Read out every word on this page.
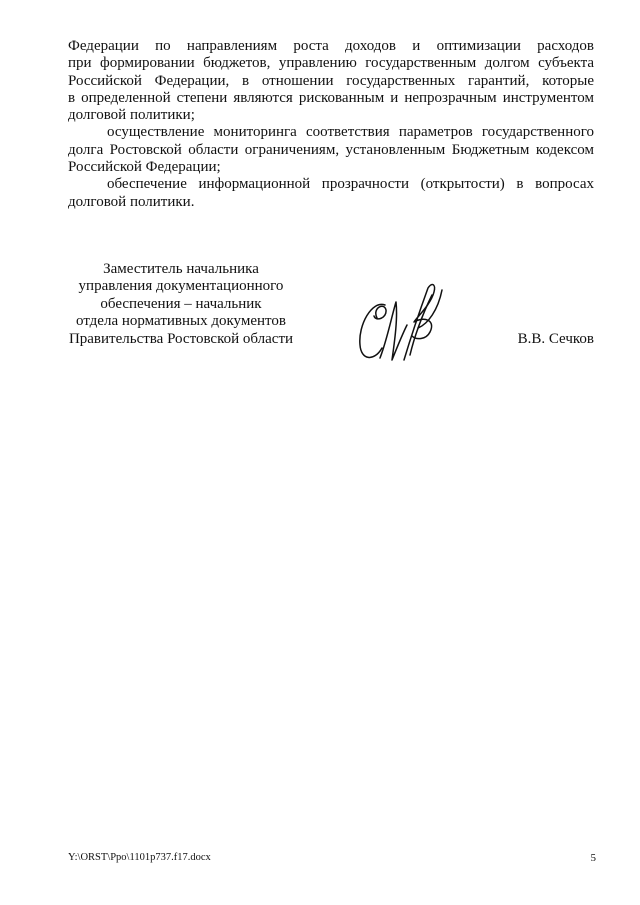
Федерации по направлениям роста доходов и оптимизации расходов
при формировании бюджетов, управлению государственным долгом субъекта
Российской Федерации, в отношении государственных гарантий, которые
в определенной степени являются рискованным и непрозрачным инструментом
долговой политики;
осуществление мониторинга соответствия параметров государственного
долга Ростовской области ограничениям, установленным Бюджетным кодексом
Российской Федерации;
обеспечение информационной прозрачности (открытости) в вопросах
долговой политики.
Заместитель начальника
управления документационного
обеспечения – начальник
отдела нормативных документов
Правительства Ростовской области	В.В. Сечков
Y:\ORST\Ppo\1101p737.f17.docx	5
